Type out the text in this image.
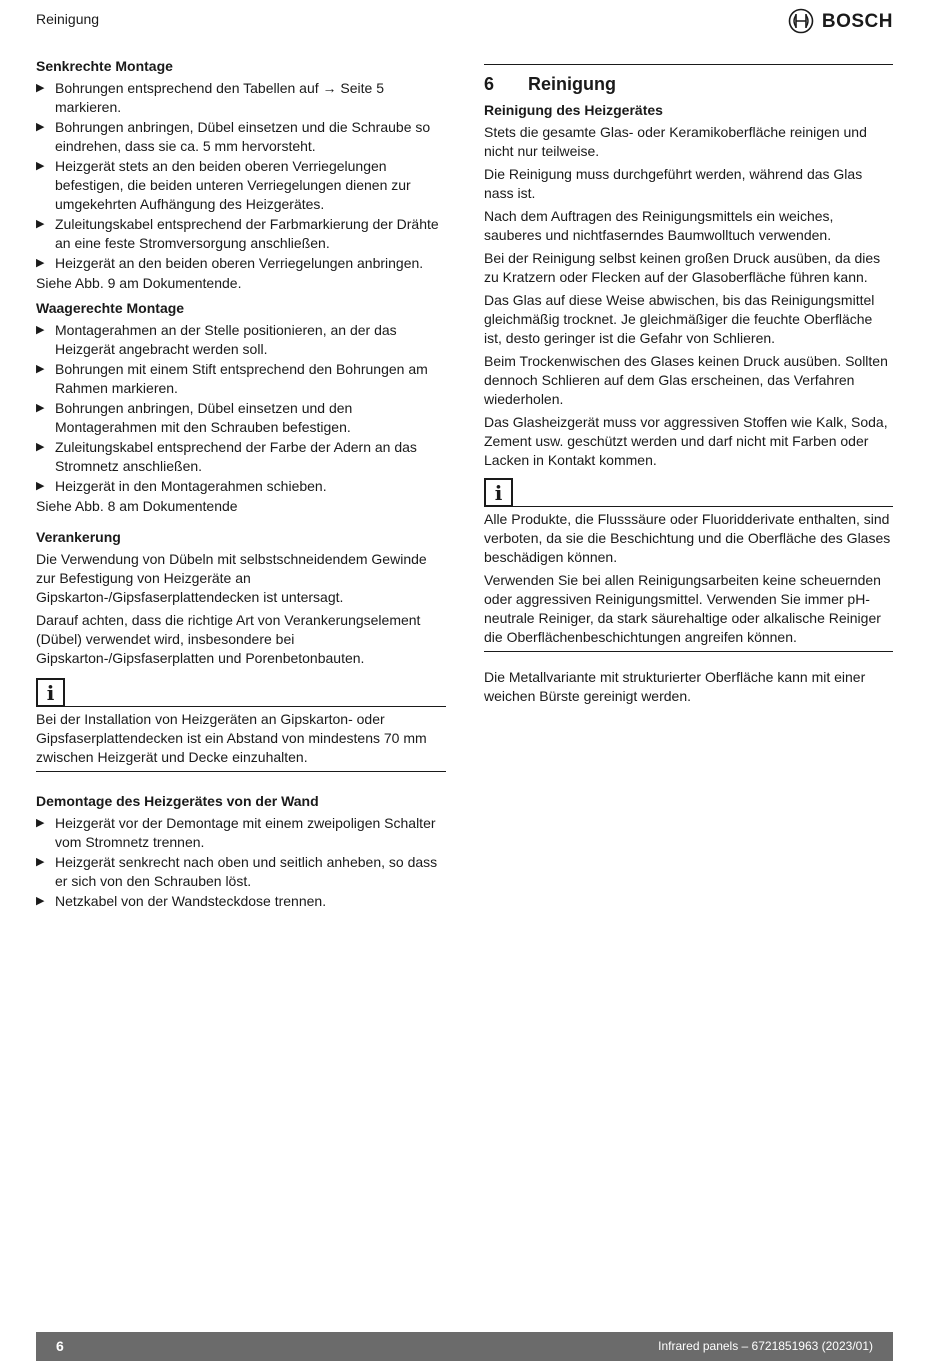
Reinigung	BOSCH
Senkrechte Montage
▶ Bohrungen entsprechend den Tabellen auf → Seite 5 markieren.
▶ Bohrungen anbringen, Dübel einsetzen und die Schraube so eindrehen, dass sie ca. 5 mm hervorsteht.
▶ Heizgerät stets an den beiden oberen Verriegelungen befestigen, die beiden unteren Verriegelungen dienen zur umgekehrten Aufhängung des Heizgerätes.
▶ Zuleitungskabel entsprechend der Farbmarkierung der Drähte an eine feste Stromversorgung anschließen.
▶ Heizgerät an den beiden oberen Verriegelungen anbringen.

Siehe Abb. 9 am Dokumentende.

Waagerechte Montage
▶ Montagerahmen an der Stelle positionieren, an der das Heizgerät angebracht werden soll.
▶ Bohrungen mit einem Stift entsprechend den Bohrungen am Rahmen markieren.
▶ Bohrungen anbringen, Dübel einsetzen und den Montagerahmen mit den Schrauben befestigen.
▶ Zuleitungskabel entsprechend der Farbe der Adern an das Stromnetz anschließen.
▶ Heizgerät in den Montagerahmen schieben.

Siehe Abb. 8 am Dokumentende

Verankerung

Die Verwendung von Dübeln mit selbstschneidendem Gewinde zur Befestigung von Heizgeräte an Gipskarton-/Gipsfaserplattendecken ist untersagt.

Darauf achten, dass die richtige Art von Verankerungselement (Dübel) verwendet wird, insbesondere bei Gipskarton-/Gipsfaserplatten und Porenbetonbauten.

i

Bei der Installation von Heizgeräten an Gipskarton- oder Gipsfaserplattendecken ist ein Abstand von mindestens 70 mm zwischen Heizgerät und Decke einzuhalten.

Demontage des Heizgerätes von der Wand
▶ Heizgerät vor der Demontage mit einem zweipoligen Schalter vom Stromnetz trennen.
▶ Heizgerät senkrecht nach oben und seitlich anheben, so dass er sich von den Schrauben löst.
▶ Netzkabel von der Wandsteckdose trennen.
6 Reinigung
Reinigung des Heizgerätes

Stets die gesamte Glas- oder Keramikoberfläche reinigen und nicht nur teilweise.

Die Reinigung muss durchgeführt werden, während das Glas nass ist.

Nach dem Auftragen des Reinigungsmittels ein weiches, sauberes und nichtfaserndes Baumwolltuch verwenden.

Bei der Reinigung selbst keinen großen Druck ausüben, da dies zu Kratzern oder Flecken auf der Glasoberfläche führen kann.

Das Glas auf diese Weise abwischen, bis das Reinigungsmittel gleichmäßig trocknet. Je gleichmäßiger die feuchte Oberfläche ist, desto geringer ist die Gefahr von Schlieren.

Beim Trockenwischen des Glases keinen Druck ausüben. Sollten dennoch Schlieren auf dem Glas erscheinen, das Verfahren wiederholen.

Das Glasheizgerät muss vor aggressiven Stoffen wie Kalk, Soda, Zement usw. geschützt werden und darf nicht mit Farben oder Lacken in Kontakt kommen.

i

Alle Produkte, die Flusssäure oder Fluoridderivate enthalten, sind verboten, da sie die Beschichtung und die Oberfläche des Glases beschädigen können.

Verwenden Sie bei allen Reinigungsarbeiten keine scheuernden oder aggressiven Reinigungsmittel. Verwenden Sie immer pH-neutrale Reiniger, da stark säurehaltige oder alkalische Reiniger die Oberflächenbeschichtungen angreifen können.

Die Metallvariante mit strukturierter Oberfläche kann mit einer weichen Bürste gereinigt werden.

6	Infrared panels – 6721851963 (2023/01)
